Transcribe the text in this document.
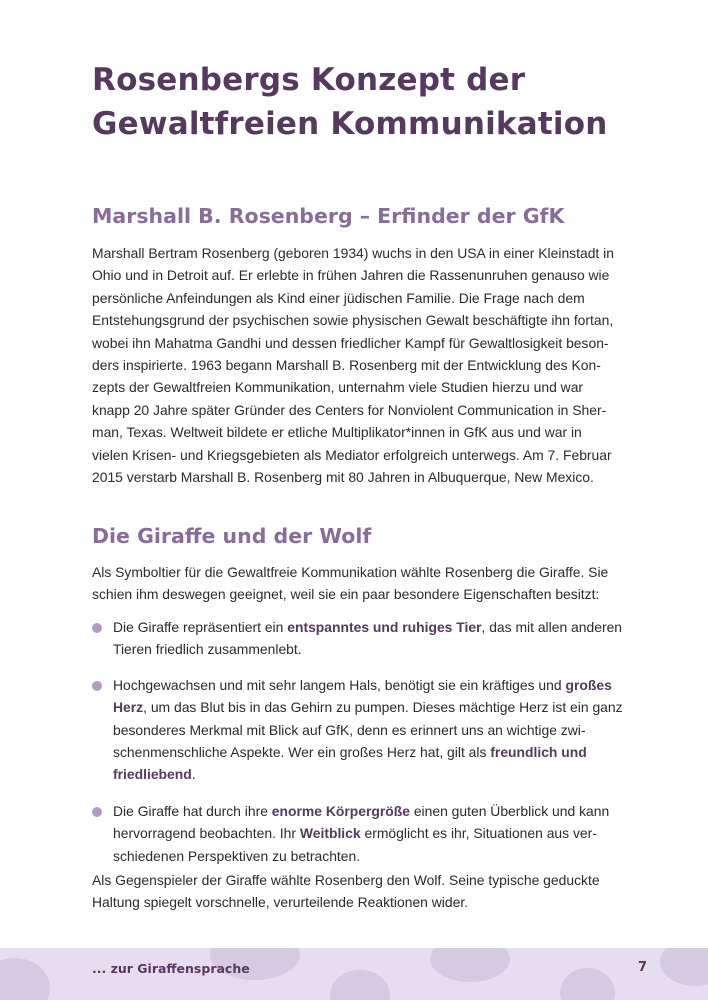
Rosenbergs Konzept der
Gewaltfreien Kommunikation
Marshall B. Rosenberg – Erfinder der GfK
Marshall Bertram Rosenberg (geboren 1934) wuchs in den USA in einer Kleinstadt in
Ohio und in Detroit auf. Er erlebte in frühen Jahren die Rassenunruhen genauso wie
persönliche Anfeindungen als Kind einer jüdischen Familie. Die Frage nach dem
Entstehungsgrund der psychischen sowie physischen Gewalt beschäftigte ihn fortan,
wobei ihn Mahatma Gandhi und dessen friedlicher Kampf für Gewaltlosigkeit beson-
ders inspirierte. 1963 begann Marshall B. Rosenberg mit der Entwicklung des Kon-
zepts der Gewaltfreien Kommunikation, unternahm viele Studien hierzu und war
knapp 20 Jahre später Gründer des Centers for Nonviolent Communication in Sher-
man, Texas. Weltweit bildete er etliche Multiplikator*innen in GfK aus und war in
vielen Krisen- und Kriegsgebieten als Mediator erfolgreich unterwegs. Am 7. Februar
2015 verstarb Marshall B. Rosenberg mit 80 Jahren in Albuquerque, New Mexico.
Die Giraffe und der Wolf
Als Symboltier für die Gewaltfreie Kommunikation wählte Rosenberg die Giraffe. Sie
schien ihm deswegen geeignet, weil sie ein paar besondere Eigenschaften besitzt:
Die Giraffe repräsentiert ein entspanntes und ruhiges Tier, das mit allen anderen
Tieren friedlich zusammenlebt.
Hochgewachsen und mit sehr langem Hals, benötigt sie ein kräftiges und großes
Herz, um das Blut bis in das Gehirn zu pumpen. Dieses mächtige Herz ist ein ganz
besonderes Merkmal mit Blick auf GfK, denn es erinnert uns an wichtige zwi-
schenmenschliche Aspekte. Wer ein großes Herz hat, gilt als freundlich und
friedliebend.
Die Giraffe hat durch ihre enorme Körpergröße einen guten Überblick und kann
hervorragend beobachten. Ihr Weitblick ermöglicht es ihr, Situationen aus ver-
schiedenen Perspektiven zu betrachten.
Als Gegenspieler der Giraffe wählte Rosenberg den Wolf. Seine typische geduckte
Haltung spiegelt vorschnelle, verurteilende Reaktionen wider.
... zur Giraffensprache	7
